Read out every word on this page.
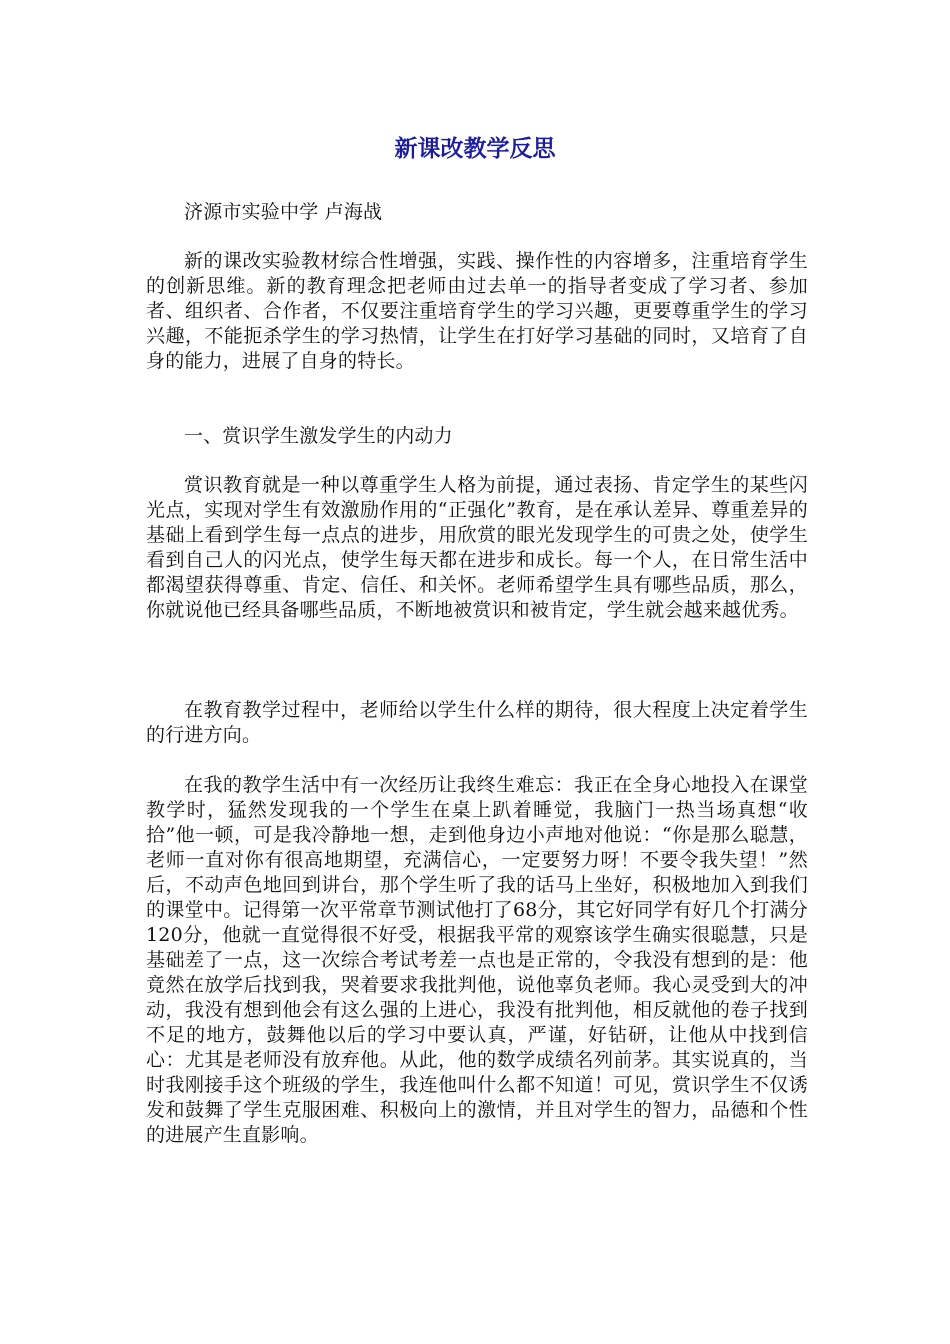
新课改教学反思

济源市实验中学 卢海战

新的课改实验教材综合性增强，实践、操作性的内容增多，注重培育学生的创新思维。新的教育理念把老师由过去单一的指导者变成了学习者、参加者、组织者、合作者，不仅要注重培育学生的学习兴趣，更要尊重学生的学习兴趣，不能扼杀学生的学习热情，让学生在打好学习基础的同时，又培育了自身的能力，进展了自身的特长。

一、赏识学生激发学生的内动力

赏识教育就是一种以尊重学生人格为前提，通过表扬、肯定学生的某些闪光点，实现对学生有效激励作用的“正强化”教育，是在承认差异、尊重差异的基础上看到学生每一点点的进步，用欣赏的眼光发现学生的可贵之处，使学生看到自己人的闪光点，使学生每天都在进步和成长。每一个人，在日常生活中都渴望获得尊重、肯定、信任、和关怀。老师希望学生具有哪些品质，那么，你就说他已经具备哪些品质，不断地被赏识和被肯定，学生就会越来越优秀。

在教育教学过程中，老师给以学生什么样的期待，很大程度上决定着学生的行进方向。

在我的教学生活中有一次经历让我终生难忘：我正在全身心地投入在课堂教学时，猛然发现我的一个学生在桌上趴着睡觉，我脑门一热当场真想“收拾”他一顿，可是我冷静地一想，走到他身边小声地对他说：“你是那么聪慧，老师一直对你有很高地期望，充满信心，一定要努力呀！不要令我失望！”然后，不动声色地回到讲台，那个学生听了我的话马上坐好，积极地加入到我们的课堂中。记得第一次平常章节测试他打了68分，其它好同学有好几个打满分120分，他就一直觉得很不好受，根据我平常的观察该学生确实很聪慧，只是基础差了一点，这一次综合考试考差一点也是正常的，令我没有想到的是：他竟然在放学后找到我，哭着要求我批判他，说他辜负老师。我心灵受到大的冲动，我没有想到他会有这么强的上进心，我没有批判他，相反就他的卷子找到不足的地方，鼓舞他以后的学习中要认真，严谨，好钻研，让他从中找到信心：尤其是老师没有放弃他。从此，他的数学成绩名列前茅。其实说真的，当时我刚接手这个班级的学生，我连他叫什么都不知道！可见，赏识学生不仅诱发和鼓舞了学生克服困难、积极向上的激情，并且对学生的智力，品德和个性的进展产生直影响。
